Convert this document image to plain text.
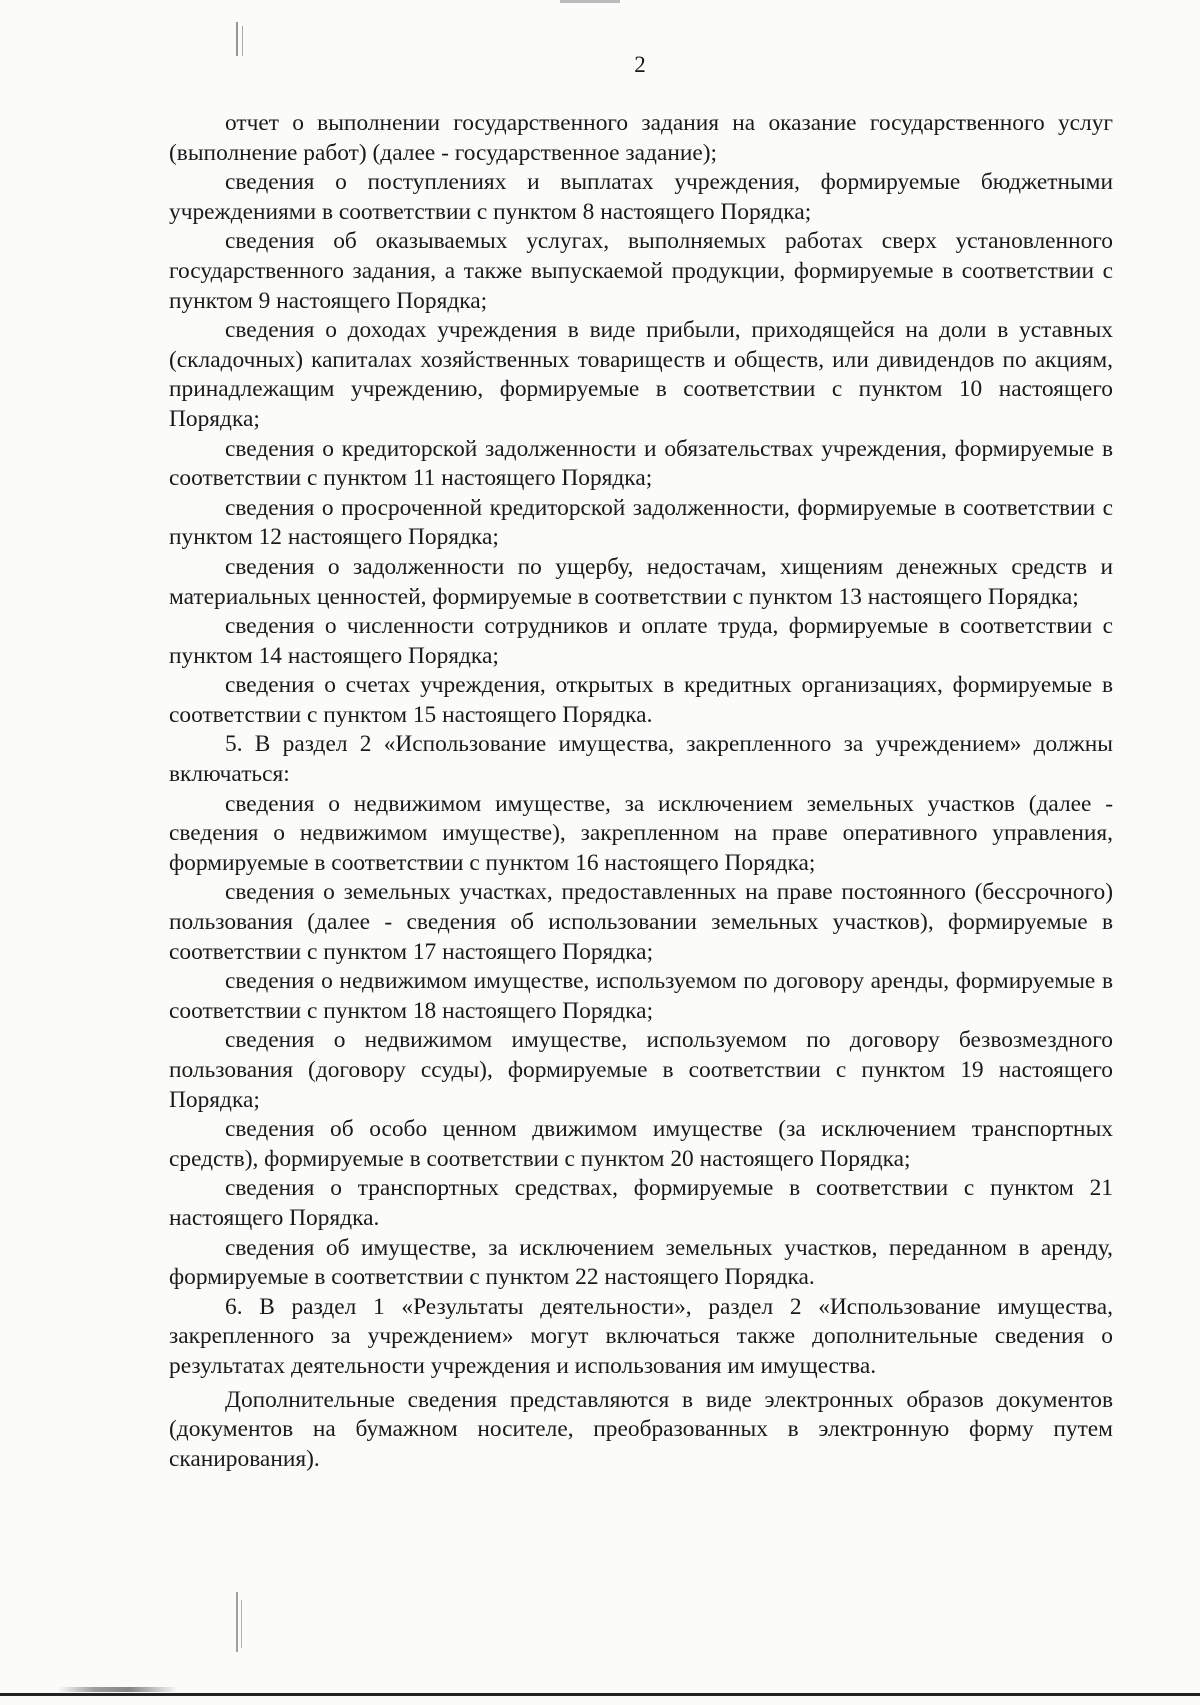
2

отчет о выполнении государственного задания на оказание государственного услуг (выполнение работ) (далее - государственное задание);

сведения о поступлениях и выплатах учреждения, формируемые бюджетными учреждениями в соответствии с пунктом 8 настоящего Порядка;

сведения об оказываемых услугах, выполняемых работах сверх установленного государственного задания, а также выпускаемой продукции, формируемые в соответствии с пунктом 9 настоящего Порядка;

сведения о доходах учреждения в виде прибыли, приходящейся на доли в уставных (складочных) капиталах хозяйственных товариществ и обществ, или дивидендов по акциям, принадлежащим учреждению, формируемые в соответствии с пунктом 10 настоящего Порядка;

сведения о кредиторской задолженности и обязательствах учреждения, формируемые в соответствии с пунктом 11 настоящего Порядка;

сведения о просроченной кредиторской задолженности, формируемые в соответствии с пунктом 12 настоящего Порядка;

сведения о задолженности по ущербу, недостачам, хищениям денежных средств и материальных ценностей, формируемые в соответствии с пунктом 13 настоящего Порядка;

сведения о численности сотрудников и оплате труда, формируемые в соответствии с пунктом 14 настоящего Порядка;

сведения о счетах учреждения, открытых в кредитных организациях, формируемые в соответствии с пунктом 15 настоящего Порядка.

5. В раздел 2 «Использование имущества, закрепленного за учреждением» должны включаться:

сведения о недвижимом имуществе, за исключением земельных участков (далее - сведения о недвижимом имуществе), закрепленном на праве оперативного управления, формируемые в соответствии с пунктом 16 настоящего Порядка;

сведения о земельных участках, предоставленных на праве постоянного (бессрочного) пользования (далее - сведения об использовании земельных участков), формируемые в соответствии с пунктом 17 настоящего Порядка;

сведения о недвижимом имуществе, используемом по договору аренды, формируемые в соответствии с пунктом 18 настоящего Порядка;

сведения о недвижимом имуществе, используемом по договору безвозмездного пользования (договору ссуды), формируемые в соответствии с пунктом 19 настоящего Порядка;

сведения об особо ценном движимом имуществе (за исключением транспортных средств), формируемые в соответствии с пунктом 20 настоящего Порядка;

сведения о транспортных средствах, формируемые в соответствии с пунктом 21 настоящего Порядка.

сведения об имуществе, за исключением земельных участков, переданном в аренду, формируемые в соответствии с пунктом 22 настоящего Порядка.

6. В раздел 1 «Результаты деятельности», раздел 2 «Использование имущества, закрепленного за учреждением» могут включаться также дополнительные сведения о результатах деятельности учреждения и использования им имущества.

Дополнительные сведения представляются в виде электронных образов документов (документов на бумажном носителе, преобразованных в электронную форму путем сканирования).
